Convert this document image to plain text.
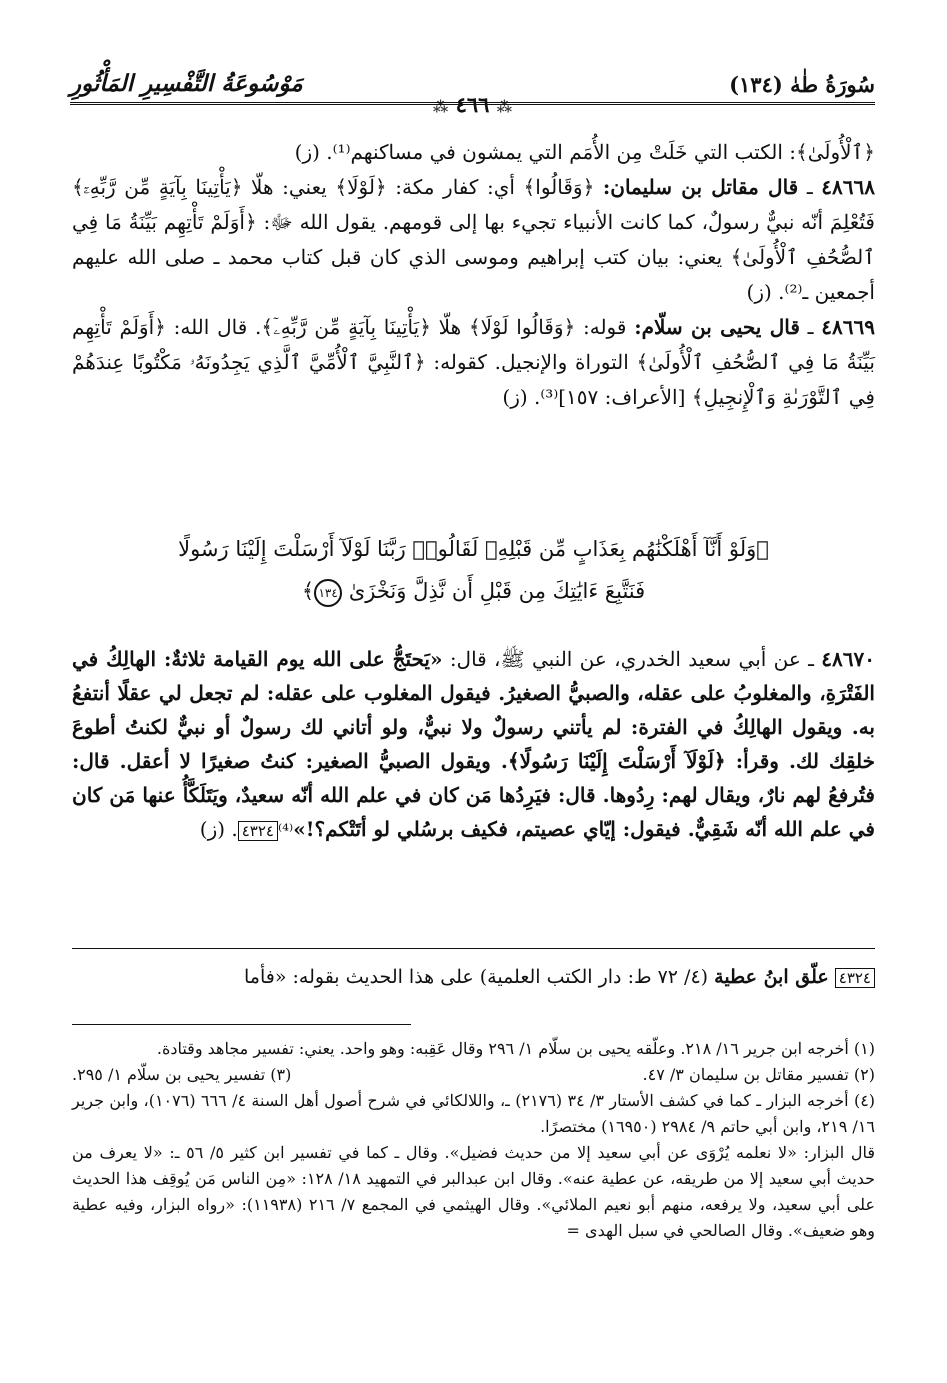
سُورَةُ طٰهٰ (١٣٤)
مَوْسُوعَةُ التَّفْسِيرِ المَأْثُورِ
⁂ ٤٦٦ ⁂

﴿ٱلْأُولَىٰ﴾: الكتب التي خَلَتْ مِن الأُمَم التي يمشون في مساكنهم⁽¹⁾. (ز)

٤٨٦٦٨ ـ قال مقاتل بن سليمان: ﴿وَقَالُوا﴾ أي: كفار مكة: ﴿لَوْلَا﴾ يعني: هلّا ﴿يَأْتِينَا بِآيَةٍ مِّن رَّبِّهِۦٓ﴾ فَتُعْلِمَ أنّه نبيٌّ رسولٌ، كما كانت الأنبياء تجيء بها إلى قومهم. يقول الله ﷻ: ﴿أَوَلَمْ تَأْتِهِم بَيِّنَةُ مَا فِي ٱلصُّحُفِ ٱلْأُولَىٰ﴾ يعني: بيان كتب إبراهيم وموسى الذي كان قبل كتاب محمد ـ صلى الله عليهم أجمعين ـ⁽²⁾. (ز)

٤٨٦٦٩ ـ قال يحيى بن سلّام: قوله: ﴿وَقَالُوا لَوْلَا﴾ هلّا ﴿يَأْتِينَا بِآيَةٍ مِّن رَّبِّهِۦٓ﴾. قال الله: ﴿أَوَلَمْ تَأْتِهِم بَيِّنَةُ مَا فِي ٱلصُّحُفِ ٱلْأُولَىٰ﴾ التوراة والإنجيل. كقوله: ﴿ٱلنَّبِيَّ ٱلْأُمِّيَّ ٱلَّذِي يَجِدُونَهُۥ مَكْتُوبًا عِندَهُمْ فِي ٱلتَّوْرَىٰةِ وَٱلْإِنجِيلِ﴾ [الأعراف: ١٥٧]⁽³⁾. (ز)

﴿وَلَوْ أَنَّآ أَهْلَكْنَٰهُم بِعَذَابٍ مِّن قَبْلِهِۦ لَقَالُوا۟ رَبَّنَا لَوْلَآ أَرْسَلْتَ إِلَيْنَا رَسُولًا
فَنَتَّبِعَ ءَايَٰتِكَ مِن قَبْلِ أَن نَّذِلَّ وَنَخْزَىٰ ١٣٤﴾
٤٨٦٧٠ ـ عن أبي سعيد الخدري، عن النبي ﷺ، قال: «يَحتَجُّ على الله يوم القيامة ثلاثةٌ: الهالِكُ في الفَتْرَةِ، والمغلوبُ على عقله، والصبيُّ الصغيرُ. فيقول المغلوب على عقله: لم تجعل لي عقلًا أنتفعُ به. ويقول الهالِكُ في الفترة: لم يأتني رسولٌ ولا نبيٌّ، ولو أتاني لك رسولٌ أو نبيٌّ لكنتُ أطوعَ خلقِك لك. وقرأ: ﴿لَوْلَآ أَرْسَلْتَ إِلَيْنَا رَسُولًا﴾. ويقول الصبيُّ الصغير: كنتُ صغيرًا لا أعقل. قال: فتُرفعُ لهم نارٌ، ويقال لهم: رِدُوها. قال: فيَرِدُها مَن كان في علم الله أنّه سعيدٌ، ويَتَلَكَّأُ عنها مَن كان في علم الله أنّه شَقِيٌّ. فيقول: إيّاي عصيتم، فكيف برسُلي لو أتَتْكم؟!»⁽⁴⁾٤٣٢٤. (ز)
٤٣٢٤ علّق ابنُ عطية (٤/ ٧٢ ط: دار الكتب العلمية) على هذا الحديث بقوله: «فأما

(١) أخرجه ابن جرير ١٦/ ٢١٨. وعلّقه يحيى بن سلّام ١/ ٢٩٦ وقال عَقِبه: وهو واحد. يعني: تفسير مجاهد وقتادة.

(٢) تفسير مقاتل بن سليمان ٣/ ٤٧.
(٣) تفسير يحيى بن سلّام ١/ ٢٩٥.

(٤) أخرجه البزار ـ كما في كشف الأستار ٣/ ٣٤ (٢١٧٦) ـ، واللالكائي في شرح أصول أهل السنة ٤/ ٦٦٦ (١٠٧٦)، وابن جرير ١٦/ ٢١٩، وابن أبي حاتم ٩/ ٢٩٨٤ (١٦٩٥٠) مختصرًا.

قال البزار: «لا نعلمه يُرْوَى عن أبي سعيد إلا من حديث فضيل». وقال ـ كما في تفسير ابن كثير ٥/ ٥٦ ـ: «لا يعرف من حديث أبي سعيد إلا من طريقه، عن عطية عنه». وقال ابن عبدالبر في التمهيد ١٨/ ١٢٨: «مِن الناس مَن يُوقِف هذا الحديث على أبي سعيد، ولا يرفعه، منهم أبو نعيم الملائي». وقال الهيثمي في المجمع ٧/ ٢١٦ (١١٩٣٨): «رواه البزار، وفيه عطية وهو ضعيف». وقال الصالحي في سبل الهدى =
